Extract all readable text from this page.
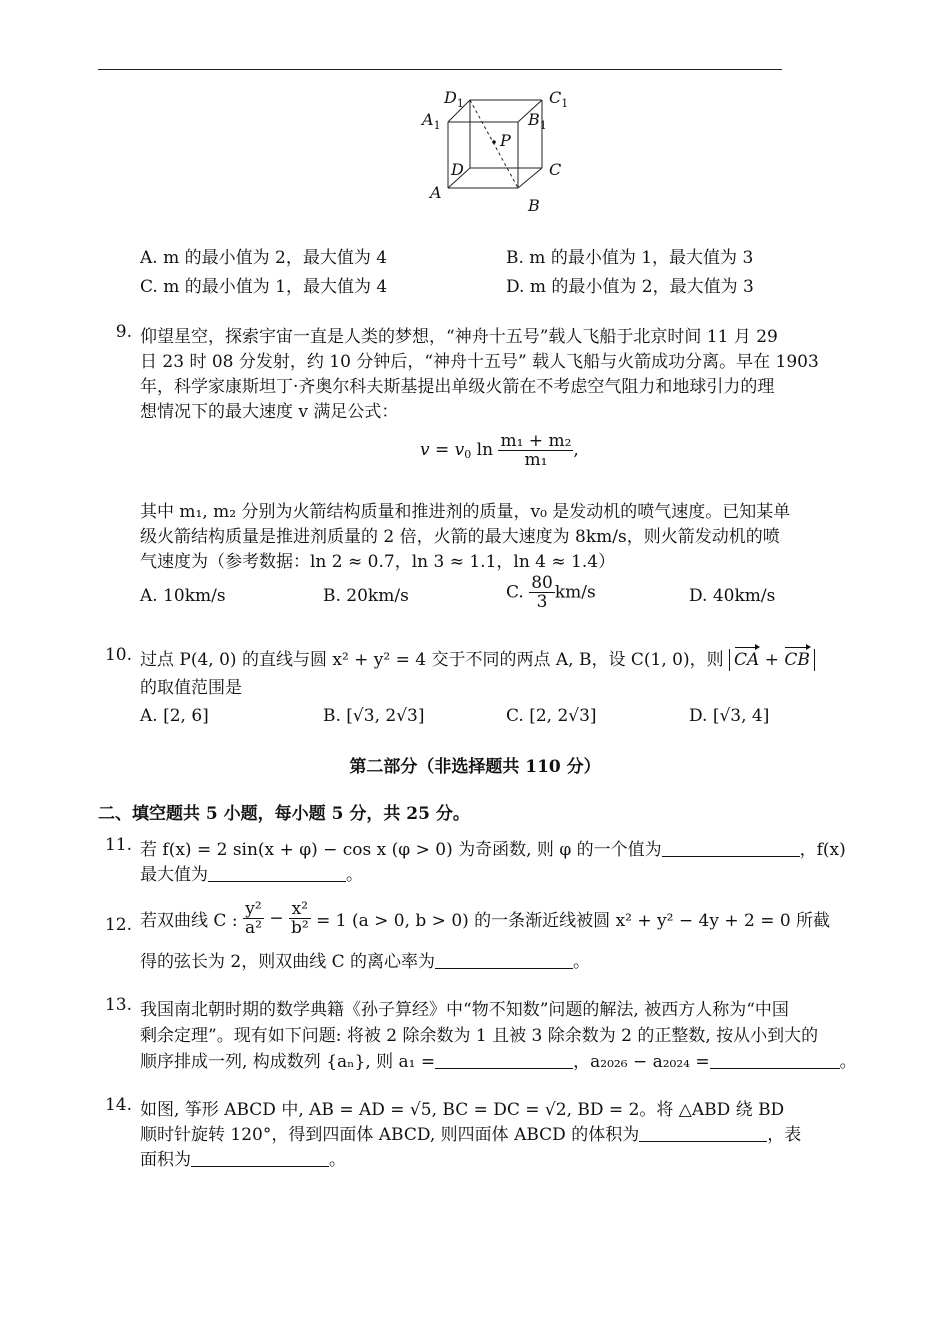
$D_1$	$C_1$
$A_1$	$B_1$
P
D	C
A
B
A. m 的最小值为 2，最大值为 4	B. m 的最小值为 1，最大值为 3
C. m 的最小值为 1，最大值为 4	D. m 的最小值为 2，最大值为 3
9. 仰望星空，探索宇宙一直是人类的梦想，“神舟十五号”载人飞船于北京时间 11 月 29
日 23 时 08 分发射，约 10 分钟后，“神舟十五号” 载人飞船与火箭成功分离。早在 1903
年，科学家康斯坦丁·齐奥尔科夫斯基提出单级火箭在不考虑空气阻力和地球引力的理
想情况下的最大速度 v 满足公式：
$v = v_0$ $\ln \frac{\text{m₁ + m₂}}{\text{m₁}}$ ,
其中 m₁, m₂ 分别为火箭结构质量和推进剂的质量，v₀ 是发动机的喷气速度。已知某单
级火箭结构质量是推进剂质量的 2 倍，火箭的最大速度为 8km/s，则火箭发动机的喷
气速度为（参考数据：ln 2 ≈ 0.7，ln 3 ≈ 1.1，ln 4 ≈ 1.4）
A. 10km/s	B. 20km/s	C. $\frac{80}{3} km/s$	D. 40km/s
10. 过点 P(4, 0) 的直线与圆 x² + y² = 4 交于不同的两点 A, B，设 C(1, 0)，则 CA + CB
的取值范围是
A. [2, 6]	B. [√3, 2√3]	C. [2, 2√3]	D. [√3, 4]
第二部分（非选择题共 110 分）
二、填空题共 5 小题，每小题 5 分，共 25 分。
11. 若 f(x) = 2 sin(x + φ) − cos x (φ > 0) 为奇函数, 则 φ 的一个值为	，f(x)
最大值为	。
12. 若双曲线 C : $\frac{\text{y²}}{\text{a²}} - \frac{\text{x²}}{\text{b²}} = 1$ (a > 0, b > 0) 的一条渐近线被圆 x² + y² − 4y + 2 = 0 所截
得的弦长为 2，则双曲线 C 的离心率为	。
13. 我国南北朝时期的数学典籍《孙子算经》中“物不知数”问题的解法, 被西方人称为“中国
剩余定理”。现有如下问题: 将被 2 除余数为 1 且被 3 除余数为 2 的正整数, 按从小到大的
顺序排成一列, 构成数列 {aₙ}, 则 a₁ =	，a₂₀₂₆ − a₂₀₂₄ =	。
14. 如图, 筝形 ABCD 中, AB = AD = √5, BC = DC = √2, BD = 2。将 △ABD 绕 BD
顺时针旋转 120°，得到四面体 ABCD, 则四面体 ABCD 的体积为	，表
面积为	。
